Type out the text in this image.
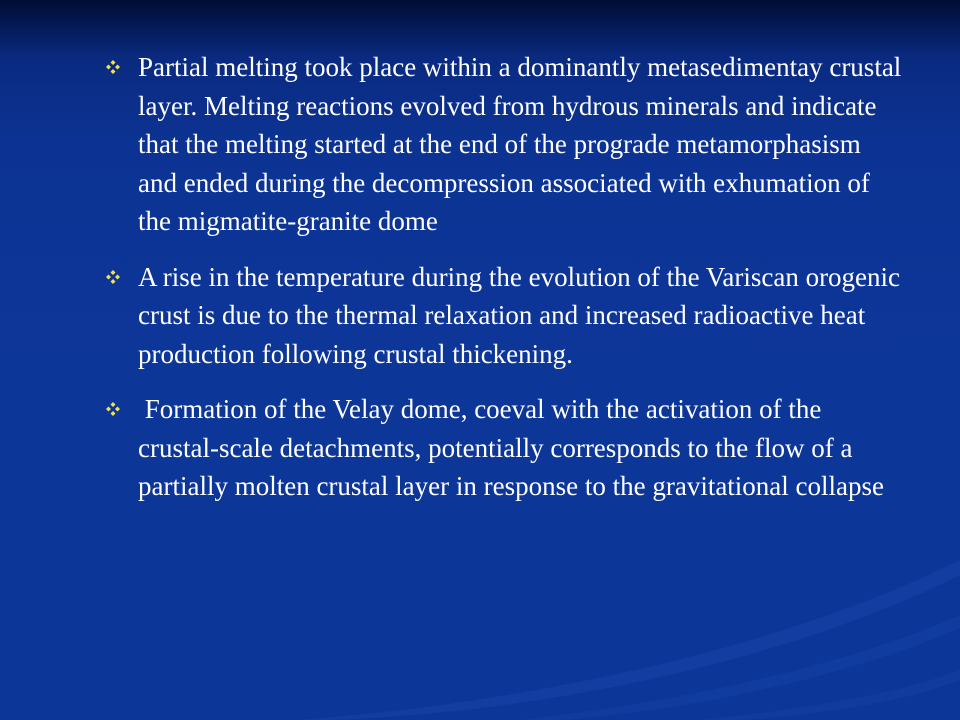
Partial melting took place within a dominantly metasedimentay crustal layer. Melting reactions evolved from hydrous minerals and indicate that the melting started at the end of the prograde metamorphasism and ended during the decompression associated with exhumation of the migmatite-granite dome
A rise in the temperature during the evolution of the Variscan orogenic crust is due to the thermal relaxation and increased radioactive heat production following crustal thickening.
Formation of the Velay dome, coeval with the activation of the crustal-scale detachments, potentially corresponds to the flow of a partially molten crustal layer in response to the gravitational collapse
